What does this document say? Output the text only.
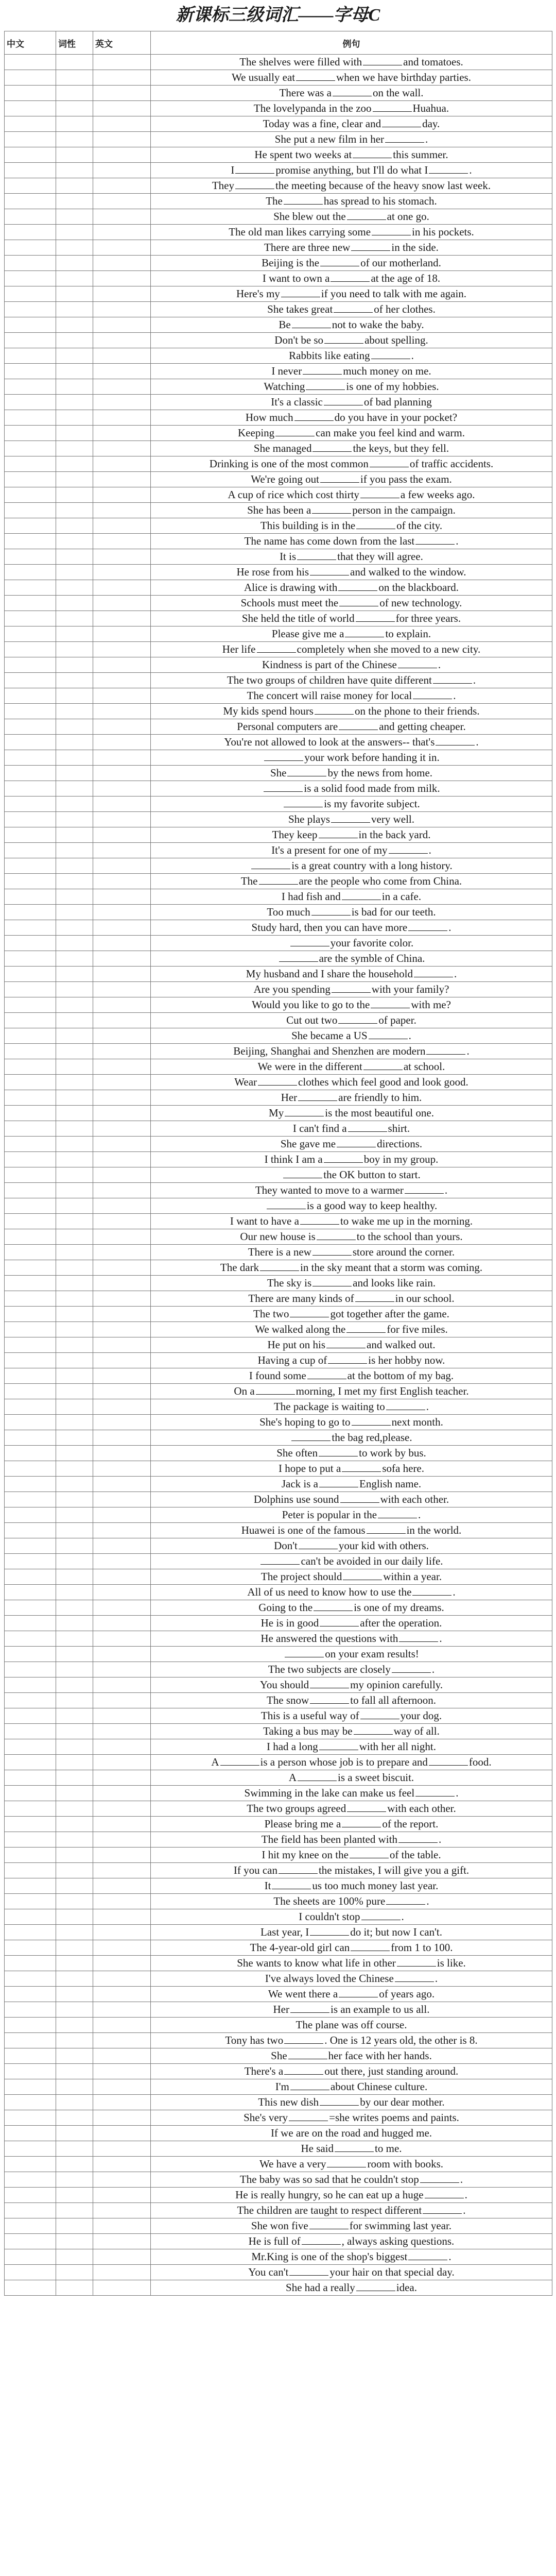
新课标三级词汇——字母C
中文	词性	英文	例句
			The shelves were filled with and tomatoes.
			We usually eat when we have birthday parties.
			There was a on the wall.
			The lovelypanda in the zoo Huahua.
			Today was a fine, clear and day.
			She put a new film in her .
			He spent two weeks at this summer.
			I promise anything, but I'll do what I .
			They the meeting because of the heavy snow last week.
			The has spread to his stomach.
			She blew out the at one go.
			The old man likes carrying some in his pockets.
			There are three new in the side.
			Beijing is the of our motherland.
			I want to own a at the age of 18.
			Here's my if you need to talk with me again.
			She takes great of her clothes.
			Be not to wake the baby.
			Don't be so about spelling.
			Rabbits like eating .
			I never much money on me.
			Watching is one of my hobbies.
			It's a classic of bad planning
			How much do you have in your pocket?
			Keeping can make you feel kind and warm.
			She managed the keys, but they fell.
			Drinking is one of the most common of traffic accidents.
			We're going out if you pass the exam.
			A cup of rice which cost thirty a few weeks ago.
			She has been a person in the campaign.
			This building is in the of the city.
			The name has come down from the last .
			It is that they will agree.
			He rose from his and walked to the window.
			Alice is drawing with on the blackboard.
			Schools must meet the of new technology.
			She held the title of world for three years.
			Please give me a to explain.
			Her life completely when she moved to a new city.
			Kindness is part of the Chinese .
			The two groups of children have quite different .
			The concert will raise money for local .
			My kids spend hours on the phone to their friends.
			Personal computers are and getting cheaper.
			You're not allowed to look at the answers-- that's .
			your work before handing it in.
			She by the news from home.
			is a solid food made from milk.
			is my favorite subject.
			She plays very well.
			They keep in the back yard.
			It's a present for one of my .
			is a great country with a long history.
			The are the people who come from China.
			I had fish and in a cafe.
			Too much is bad for our teeth.
			Study hard, then you can have more .
			your favorite color.
			are the symble of China.
			My husband and I share the household .
			Are you spending with your family?
			Would you like to go to the with me?
			Cut out two of paper.
			She became a US .
			Beijing, Shanghai and Shenzhen are modern .
			We were in the different at school.
			Wear clothes which feel good and look good.
			Her are friendly to him.
			My is the most beautiful one.
			I can't find a shirt.
			She gave me directions.
			I think I am a boy in my group.
			the OK button to start.
			They wanted to move to a warmer .
			is a good way to keep healthy.
			I want to have a to wake me up in the morning.
			Our new house is to the school than yours.
			There is a new store around the corner.
			The dark in the sky meant that a storm was coming.
			The sky is and looks like rain.
			There are many kinds of in our school.
			The two got together after the game.
			We walked along the for five miles.
			He put on his and walked out.
			Having a cup of is her hobby now.
			I found some at the bottom of my bag.
			On a morning, I met my first English teacher.
			The package is waiting to .
			She's hoping to go to next month.
			the bag red,please.
			She often to work by bus.
			I hope to put a sofa here.
			Jack is a English name.
			Dolphins use sound with each other.
			Peter is popular in the .
			Huawei is one of the famous in the world.
			Don't your kid with others.
			can't be avoided in our daily life.
			The project should within a year.
			All of us need to know how to use the .
			Going to the is one of my dreams.
			He is in good after the operation.
			He answered the questions with .
			on your exam results!
			The two subjects are closely .
			You should my opinion carefully.
			The snow to fall all afternoon.
			This is a useful way of your dog.
			Taking a bus may be way of all.
			I had a long with her all night.
			A is a person whose job is to prepare and food.
			A is a sweet biscuit.
			Swimming in the lake can make us feel .
			The two groups agreed with each other.
			Please bring me a of the report.
			The field has been planted with .
			I hit my knee on the of the table.
			If you can the mistakes, I will give you a gift.
			It us too much money last year.
			The sheets are 100% pure .
			I couldn't stop .
			Last year, I do it; but now I can't.
			The 4-year-old girl can from 1 to 100.
			She wants to know what life in other is like.
			I've always loved the Chinese .
			We went there a of years ago.
			Her is an example to us all.
			The plane was off course.
			Tony has two . One is 12 years old, the other is 8.
			She her face with her hands.
			There's a out there, just standing around.
			I'm about Chinese culture.
			This new dish by our dear mother.
			She's very =she writes poems and paints.
			If we are on the road and hugged me.
			He said to me.
			We have a very room with books.
			The baby was so sad that he couldn't stop .
			He is really hungry, so he can eat up a huge .
			The children are taught to respect different .
			She won five for swimming last year.
			He is full of , always asking questions.
			Mr.King is one of the shop's biggest .
			You can't your hair on that special day.
			She had a really idea.
